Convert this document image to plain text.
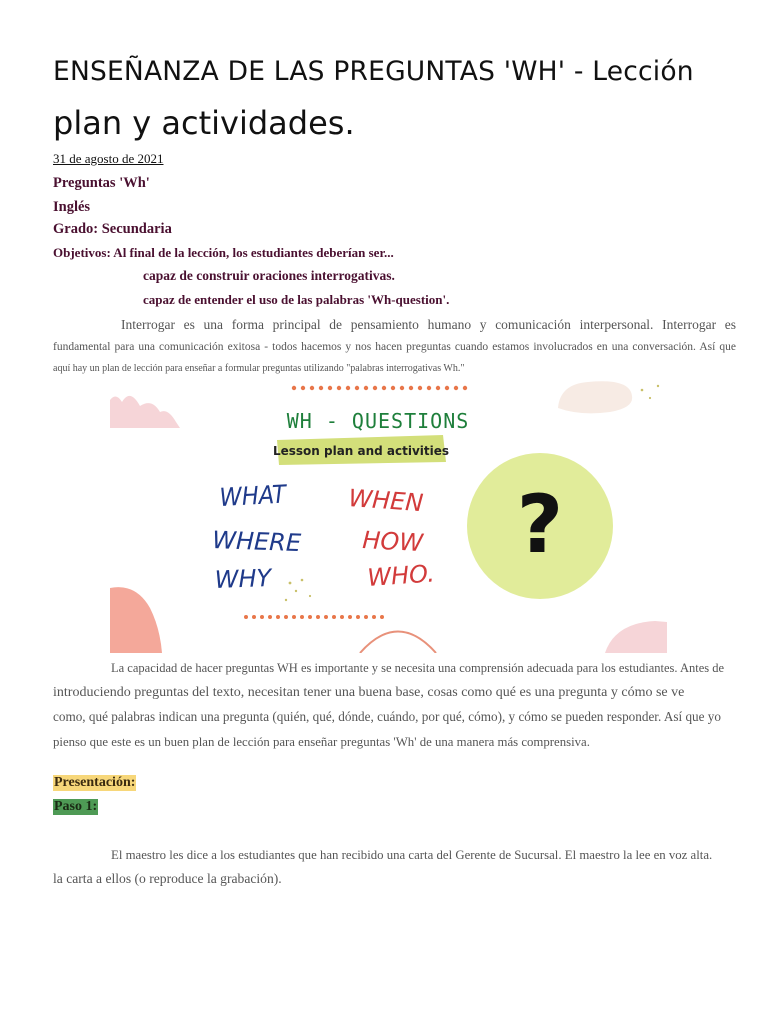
ENSEÑANZA DE LAS PREGUNTAS 'WH' - Lección
plan y actividades.
31 de agosto de 2021
Preguntas 'Wh'
Inglés
Grado: Secundaria
Objetivos: Al final de la lección, los estudiantes deberían ser...
capaz de construir oraciones interrogativas.
capaz de entender el uso de las palabras 'Wh-question'.
Interrogar es una forma principal de pensamiento humano y comunicación interpersonal. Interrogar es
fundamental para una comunicación exitosa - todos hacemos y nos hacen preguntas cuando estamos involucrados en una conversación. Así que
aquí hay un plan de lección para enseñar a formular preguntas utilizando "palabras interrogativas Wh."
WH - QUESTIONS
Lesson plan and activities
?
WHAT
WHERE
WHY
WHEN
HOW
WHO.
La capacidad de hacer preguntas WH es importante y se necesita una comprensión adecuada para los estudiantes. Antes de
introduciendo preguntas del texto, necesitan tener una buena base, cosas como qué es una pregunta y cómo se ve
como, qué palabras indican una pregunta (quién, qué, dónde, cuándo, por qué, cómo), y cómo se pueden responder. Así que yo
pienso que este es un buen plan de lección para enseñar preguntas 'Wh' de una manera más comprensiva.
Presentación:
Paso 1:
El maestro les dice a los estudiantes que han recibido una carta del Gerente de Sucursal. El maestro la lee en voz alta.
la carta a ellos (o reproduce la grabación).
